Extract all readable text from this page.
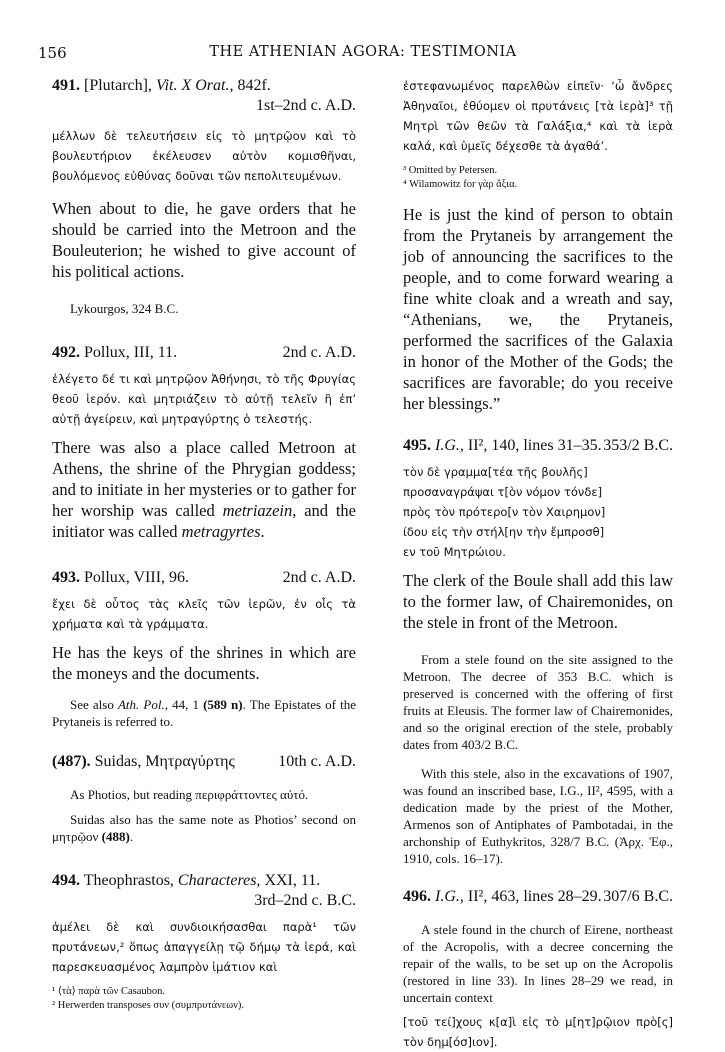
156	THE ATHENIAN AGORA: TESTIMONIA
491. [Plutarch], Vit. X Orat., 842f.
1st–2nd c. A.D.

μέλλων δὲ τελευτήσειν εἰς τὸ μητρῷον καὶ τὸ βουλευτήριον ἐκέλευσεν αὐτὸν κομισθῆναι, βουλόμενος εὐθύνας δοῦναι τῶν πεπολιτευμένων.

When about to die, he gave orders that he should be carried into the Metroon and the Bouleuterion; he wished to give account of his political actions.

Lykourgos, 324 B.C.

492. Pollux, III, 11.	2nd c. A.D.

ἐλέγετο δέ τι καὶ μητρῷον Ἀθήνησι, τὸ τῆς Φρυγίας θεοῦ ἱερόν. καὶ μητριάζειν τὸ αὐτῇ τελεῖν ἢ ἐπ’ αὐτῇ ἀγείρειν, καὶ μητραγύρτης ὁ τελεστής.

There was also a place called Metroon at Athens, the shrine of the Phrygian goddess; and to initiate in her mysteries or to gather for her worship was called metriazein, and the initiator was called metragyrtes.

493. Pollux, VIII, 96.	2nd c. A.D.

ἔχει δὲ οὗτος τὰς κλεῖς τῶν ἱερῶν, ἐν οἷς τὰ χρήματα καὶ τὰ γράμματα.

He has the keys of the shrines in which are the moneys and the documents.

See also Ath. Pol., 44, 1 (589 n). The Epistates of the Prytaneis is referred to.

(487). Suidas, Μητραγύρτης	10th c. A.D.

As Photios, but reading περιφράττοντες αὐτό.

Suidas also has the same note as Photios’ second on μητρῷον (488).

494. Theophrastos, Characteres, XXI, 11.
3rd–2nd c. B.C.

ἀμέλει δὲ καὶ συνδιοικήσασθαι παρὰ¹ τῶν πρυτάνεων,² ὅπως ἀπαγγείλῃ τῷ δήμῳ τὰ ἱερά, καὶ παρεσκευασμένος λαμπρὸν ἱμάτιον καὶ

¹ ⟨τὰ⟩ παρὰ τῶν Casaubon.

² Herwerden transposes συν (συμπρυτάνεων).

ἐστεφανωμένος παρελθὼν εἰπεῖν· ‘ὦ ἄνδρες Ἀθηναῖοι, ἐθύομεν οἱ πρυτάνεις [τὰ ἱερὰ]³ τῇ Μητρὶ τῶν θεῶν τὰ Γαλάξια,⁴ καὶ τὰ ἱερὰ καλά, καὶ ὑμεῖς δέχεσθε τὰ ἀγαθά’.

³ Omitted by Petersen.

⁴ Wilamowitz for γὰρ ἄξια.

He is just the kind of person to obtain from the Prytaneis by arrangement the job of announcing the sacrifices to the people, and to come forward wearing a fine white cloak and a wreath and say, “Athenians, we, the Prytaneis, performed the sacrifices of the Galaxia in honor of the Mother of the Gods; the sacrifices are favorable; do you receive her blessings.”

495. I.G., II², 140, lines 31–35. 353/2 B.C.
τὸν δὲ γραμμα[τέα τῆς βουλῆς]
προσαναγράψαι τ[ὸν νόμον τόνδε]
πρὸς τὸν πρότερο[ν τὸν Χαιρημον]
ίδου εἰς τὴν στήλ[ην τὴν ἔμπροσθ]
εν τοῦ Μητρώιου.

The clerk of the Boule shall add this law to the former law, of Chairemonides, on the stele in front of the Metroon.

From a stele found on the site assigned to the Metroon. The decree of 353 B.C. which is preserved is concerned with the offering of first fruits at Eleusis. The former law of Chairemonides, and so the original erection of the stele, probably dates from 403/2 B.C.

With this stele, also in the excavations of 1907, was found an inscribed base, I.G., II², 4595, with a dedication made by the priest of the Mother, Armenos son of Antiphates of Pambotadai, in the archonship of Euthykritos, 328/7 B.C. (Ἀρχ. Ἐφ., 1910, cols. 16–17).

496. I.G., II², 463, lines 28–29. 307/6 B.C.

A stele found in the church of Eirene, northeast of the Acropolis, with a decree concerning the repair of the walls, to be set up on the Acropolis (restored in line 33). In lines 28–29 we read, in uncertain context

[τοῦ τεί]χους κ[α]ὶ εἰς τὸ μ[ητ]ρῷιον πρὸ[ς] τὸν δημ[όσ]ιον].
